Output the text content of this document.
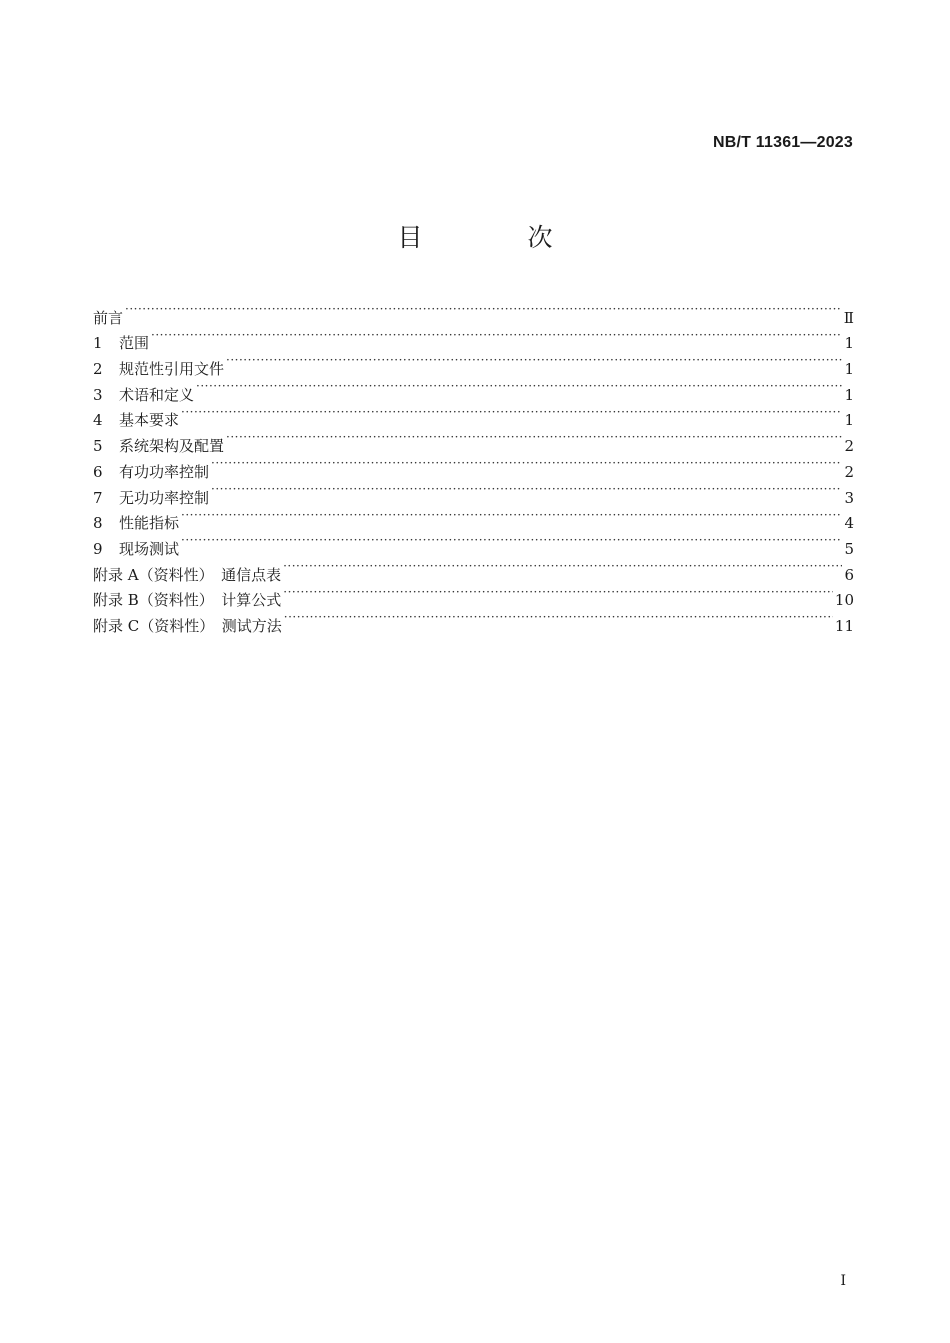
NB/T 11361—2023
目　次
前言 ·····	Ⅱ
1	范围 ·····	1
2	规范性引用文件 ·····	1
3	术语和定义 ·····	1
4	基本要求 ·····	1
5	系统架构及配置 ·····	2
6	有功功率控制 ·····	2
7	无功功率控制 ·····	3
8	性能指标 ·····	4
9	现场测试 ·····	5
附录 A（资料性）　通信点表 ·····	6
附录 B（资料性）　计算公式 ·····	10
附录 C（资料性）　测试方法 ·····	11
I
